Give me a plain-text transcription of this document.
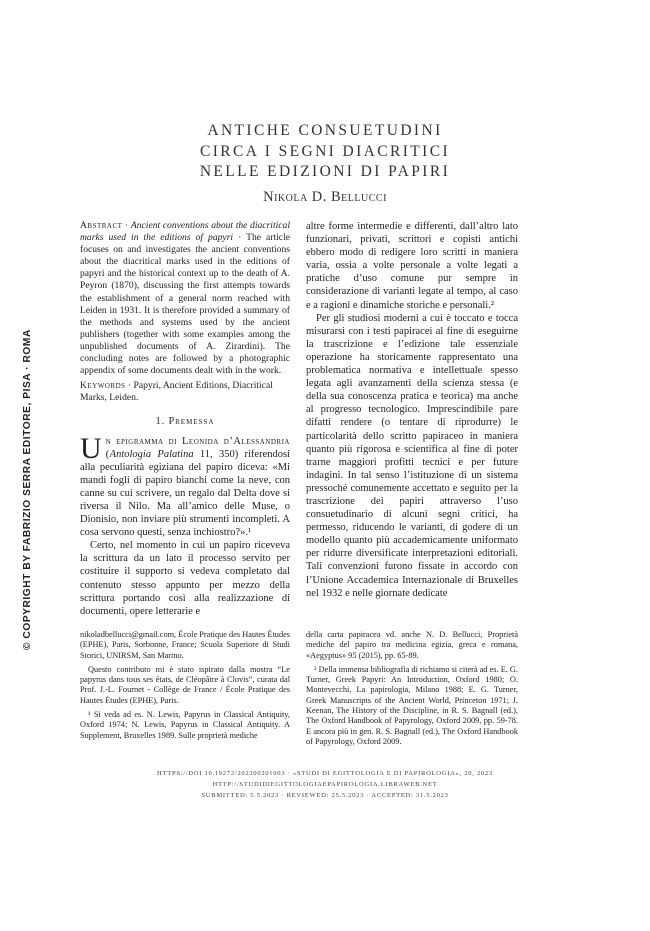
© COPYRIGHT BY FABRIZIO SERRA EDITORE, PISA · ROMA
ANTICHE CONSUETUDINI
CIRCA I SEGNI DIACRITICI
NELLE EDIZIONI DI PAPIRI
Nikola D. Bellucci

Abstract · Ancient conventions about the diacritical marks used in the editions of papyri · The article focuses on and investigates the ancient conventions about the diacritical marks used in the editions of papyri and the historical context up to the death of A. Peyron (1870), discussing the first attempts towards the establishment of a general norm reached with Leiden in 1931. It is therefore provided a summary of the methods and systems used by the ancient publishers (together with some examples among the unpublished documents of A. Zirardini). The concluding notes are followed by a photographic appendix of some documents dealt with in the work.

Keywords · Papyri, Ancient Editions, Diacritical Marks, Leiden.

1. Premessa

Un epigramma di Leonida d’Alessandria (Antologia Palatina 11, 350) riferendosi alla peculiarità egiziana del papiro diceva: «Mi mandi fogli di papiro bianchi come la neve, con canne su cui scrivere, un regalo dal Delta dove si riversa il Nilo. Ma all’amico delle Muse, o Dionisio, non inviare più strumenti incompleti. A cosa servono questi, senza inchiostro?».¹

Certo, nel momento in cui un papiro riceveva la scrittura da un lato il processo servito per costituire il supporto si vedeva completato dal contenuto stesso appunto per mezzo della scrittura portando così alla realizzazione di documenti, opere letterarie e

altre forme intermedie e differenti, dall’altro lato funzionari, privati, scrittori e copisti antichi ebbero modo di redigere loro scritti in maniera varia, ossia a volte personale a volte legati a pratiche d’uso comune pur sempre in considerazione di varianti legate al tempo, al caso e a ragioni e dinamiche storiche e personali.²

Per gli studiosi moderni a cui è toccato e tocca misurarsi con i testi papiracei al fine di eseguirne la trascrizione e l’edizione tale essenziale operazione ha storicamente rappresentato una problematica normativa e intellettuale spesso legata agli avanzamenti della scienza stessa (e della sua conoscenza pratica e teorica) ma anche al progresso tecnologico. Imprescindibile pare difatti rendere (o tentare di riprodurre) le particolarità dello scritto papiraceo in maniera quanto più rigorosa e scientifica al fine di poter trarne maggiori profitti tecnici e per future indagini. In tal senso l’istituzione di un sistema pressoché comunemente accettato e seguito per la trascrizione dei papiri attraverso l’uso consuetudinario di alcuni segni critici, ha permesso, riducendo le varianti, di godere di un modello quanto più accademicamente uniformato per ridurre diversificate interpretazioni editoriali. Tali convenzioni furono fissate in accordo con l’Unione Accademica Internazionale di Bruxelles nel 1932 e nelle giornate dedicate

nikoladbellucci@gmail.com, École Pratique des Hautes Études (EPHE), Paris, Sorbonne, France; Scuola Superiore di Studi Storici, UNIRSM, San Marino.

Questo contributo mi è stato ispirato dalla mostra “Le papyrus dans tous ses états, de Cléopâtre à Clovis”, curata dal Prof. J.-L. Fournet - Collège de France / École Pratique des Hautes Études (EPHE), Paris.

¹ Si veda ad es. N. Lewis, Papyrus in Classical Antiquity, Oxford 1974; N. Lewis, Papyrus in Classical Antiquity. A Supplement, Bruxelles 1989. Sulle proprietà mediche

della carta papiracea vd. anche N. D. Bellucci, Proprietà mediche del papiro tra medicina egizia, greca e romana, «Aegyptus» 95 (2015), pp. 65-89.

² Della immensa bibliografia di richiamo si citerà ad es. E. G. Turner, Greek Papyri: An Introduction, Oxford 1980; O. Montevecchi, La papirologia, Milano 1988; E. G. Turner, Greek Manuscripts of the Ancient World, Princeton 1971; J. Keenan, The History of the Discipline, in R. S. Bagnall (ed.), The Oxford Handbook of Papyrology, Oxford 2009, pp. 59-78. E ancora più in gen. R. S. Bagnall (ed.), The Oxford Handbook of Papyrology, Oxford 2009.

HTTPS://DOI 10.19272/202300201003 · «STUDI DI EGITTOLOGIA E DI PAPIROLOGIA», 20, 2023
HTTP://STUDIDIEGITTOLOGIAEPAPIROLOGIA.LIBRAWEB.NET
SUBMITTED: 5.5.2023 · REVIEWED: 25.5.2023 · ACCEPTED: 31.5.2023
